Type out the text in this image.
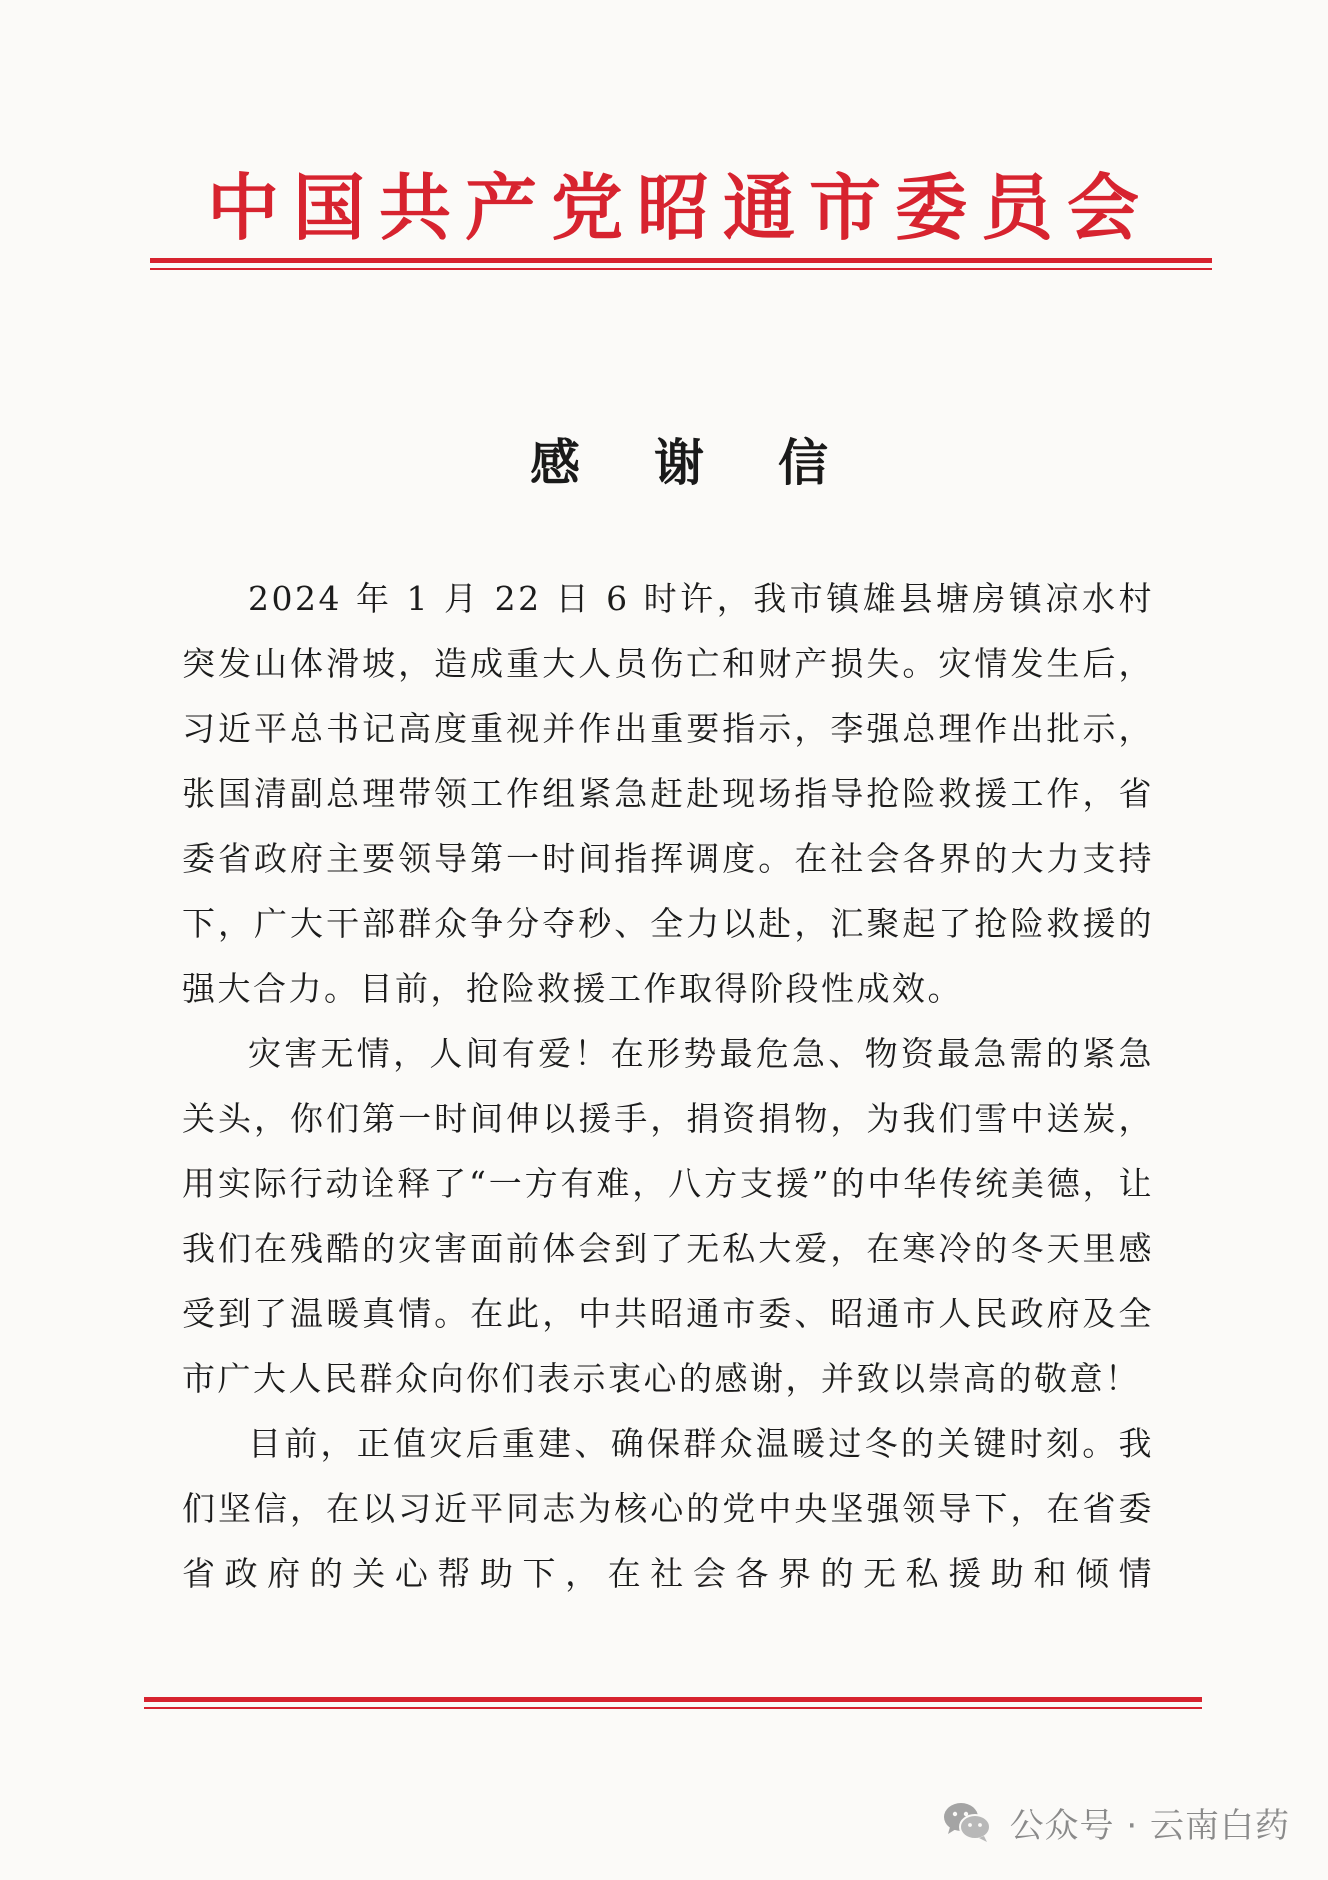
中国共产党昭通市委员会
感 谢 信

2024 年 1 月 22 日 6 时许，我市镇雄县塘房镇凉水村突发山体滑坡，造成重大人员伤亡和财产损失。灾情发生后，习近平总书记高度重视并作出重要指示，李强总理作出批示，张国清副总理带领工作组紧急赶赴现场指导抢险救援工作，省委省政府主要领导第一时间指挥调度。在社会各界的大力支持下，广大干部群众争分夺秒、全力以赴，汇聚起了抢险救援的强大合力。目前，抢险救援工作取得阶段性成效。

灾害无情，人间有爱！在形势最危急、物资最急需的紧急关头，你们第一时间伸以援手，捐资捐物，为我们雪中送炭，用实际行动诠释了“一方有难，八方支援”的中华传统美德，让我们在残酷的灾害面前体会到了无私大爱，在寒冷的冬天里感受到了温暖真情。在此，中共昭通市委、昭通市人民政府及全市广大人民群众向你们表示衷心的感谢，并致以崇高的敬意！

目前，正值灾后重建、确保群众温暖过冬的关键时刻。我们坚信，在以习近平同志为核心的党中央坚强领导下，在省委省政府的关心帮助下，在社会各界的无私援助和倾情

公众号 · 云南白药
